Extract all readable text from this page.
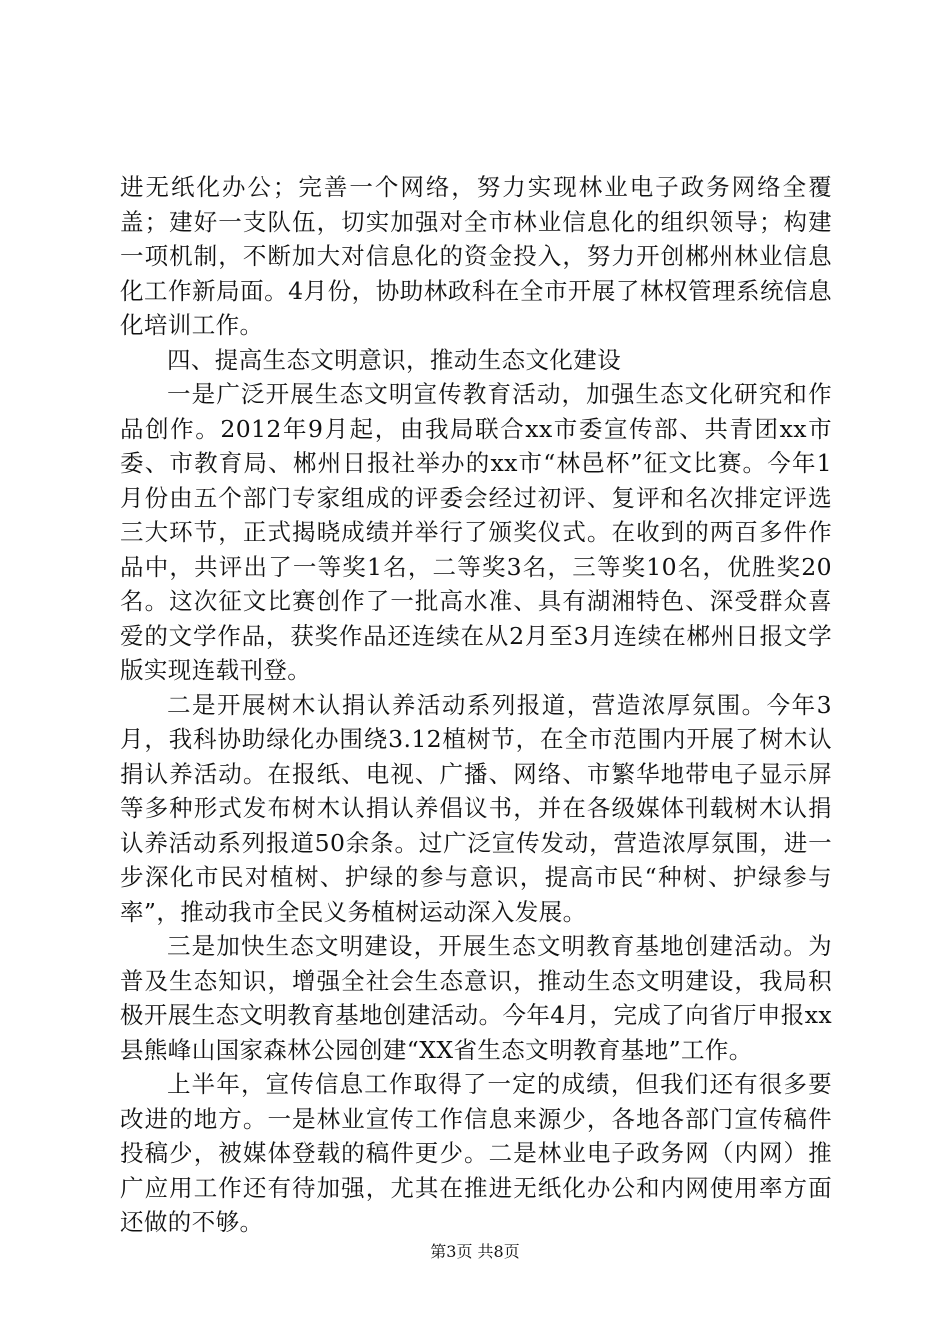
进无纸化办公；完善一个网络，努力实现林业电子政务网络全覆盖；建好一支队伍，切实加强对全市林业信息化的组织领导；构建一项机制，不断加大对信息化的资金投入，努力开创郴州林业信息化工作新局面。4月份，协助林政科在全市开展了林权管理系统信息化培训工作。

四、提高生态文明意识，推动生态文化建设

一是广泛开展生态文明宣传教育活动，加强生态文化研究和作品创作。2012年9月起，由我局联合xx市委宣传部、共青团xx市委、市教育局、郴州日报社举办的xx市“林邑杯”征文比赛。今年1月份由五个部门专家组成的评委会经过初评、复评和名次排定评选三大环节，正式揭晓成绩并举行了颁奖仪式。在收到的两百多件作品中，共评出了一等奖1名，二等奖3名，三等奖10名，优胜奖20名。这次征文比赛创作了一批高水准、具有湖湘特色、深受群众喜爱的文学作品，获奖作品还连续在从2月至3月连续在郴州日报文学版实现连载刊登。

二是开展树木认捐认养活动系列报道，营造浓厚氛围。今年3月，我科协助绿化办围绕3.12植树节，在全市范围内开展了树木认捐认养活动。在报纸、电视、广播、网络、市繁华地带电子显示屏等多种形式发布树木认捐认养倡议书，并在各级媒体刊载树木认捐认养活动系列报道50余条。过广泛宣传发动，营造浓厚氛围，进一步深化市民对植树、护绿的参与意识，提高市民“种树、护绿参与率”，推动我市全民义务植树运动深入发展。

三是加快生态文明建设，开展生态文明教育基地创建活动。为普及生态知识，增强全社会生态意识，推动生态文明建设，我局积极开展生态文明教育基地创建活动。今年4月，完成了向省厅申报xx县熊峰山国家森林公园创建“XX省生态文明教育基地”工作。

上半年，宣传信息工作取得了一定的成绩，但我们还有很多要改进的地方。一是林业宣传工作信息来源少，各地各部门宣传稿件投稿少，被媒体登载的稿件更少。二是林业电子政务网（内网）推广应用工作还有待加强，尤其在推进无纸化办公和内网使用率方面还做的不够。

第3页 共8页
